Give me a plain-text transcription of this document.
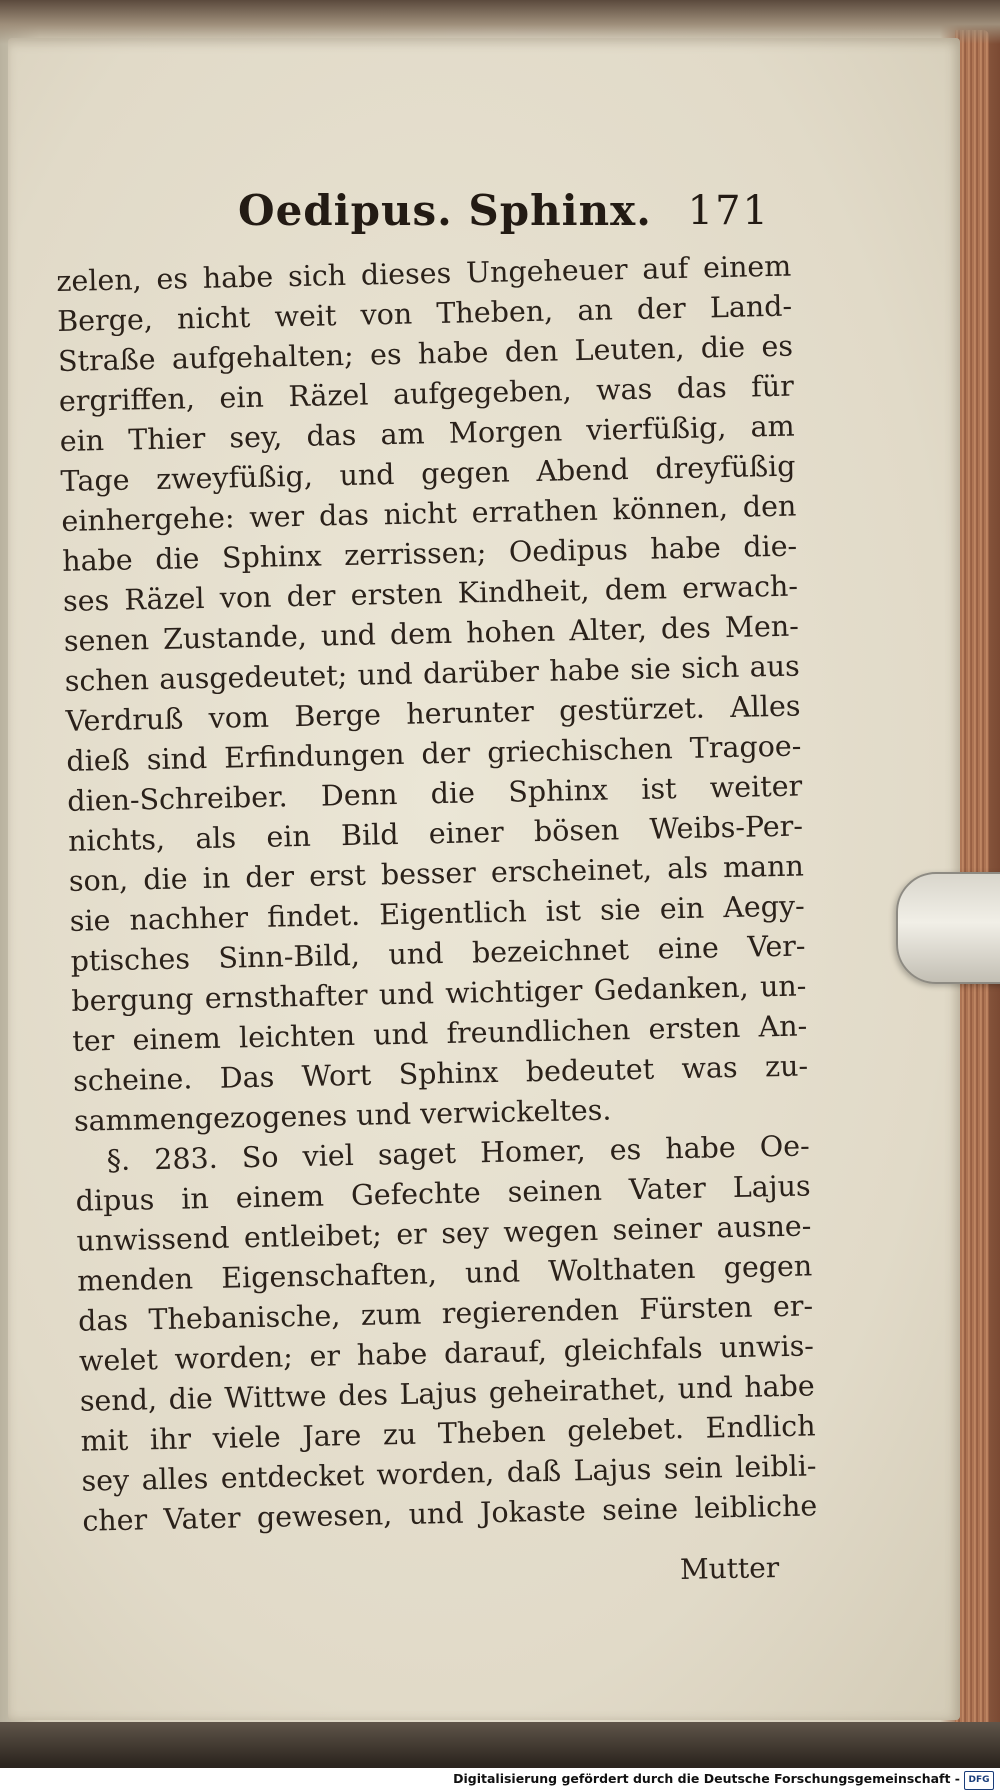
Oedipus. Sphinx. 171
zelen, es habe sich dieses Ungeheuer auf einem
Berge, nicht weit von Theben, an der Land-
Straße aufgehalten; es habe den Leuten, die es
ergriffen, ein Räzel aufgegeben, was das für
ein Thier sey, das am Morgen vierfüßig, am
Tage zweyfüßig, und gegen Abend dreyfüßig
einhergehe: wer das nicht errathen können, den
habe die Sphinx zerrissen; Oedipus habe die-
ses Räzel von der ersten Kindheit, dem erwach-
senen Zustande, und dem hohen Alter, des Men-
schen ausgedeutet; und darüber habe sie sich aus
Verdruß vom Berge herunter gestürzet. Alles
dieß sind Erfindungen der griechischen Tragoe-
dien-Schreiber. Denn die Sphinx ist weiter
nichts, als ein Bild einer bösen Weibs-Per-
son, die in der erst besser erscheinet, als mann
sie nachher findet. Eigentlich ist sie ein Aegy-
ptisches Sinn-Bild, und bezeichnet eine Ver-
bergung ernsthafter und wichtiger Gedanken, un-
ter einem leichten und freundlichen ersten An-
scheine. Das Wort Sphinx bedeutet was zu-
sammengezogenes und verwickeltes.
§. 283. So viel saget Homer, es habe Oe-
dipus in einem Gefechte seinen Vater Lajus
unwissend entleibet; er sey wegen seiner ausne-
menden Eigenschaften, und Wolthaten gegen
das Thebanische, zum regierenden Fürsten er-
welet worden; er habe darauf, gleichfals unwis-
send, die Wittwe des Lajus geheirathet, und habe
mit ihr viele Jare zu Theben gelebet. Endlich
sey alles entdecket worden, daß Lajus sein leibli-
cher Vater gewesen, und Jokaste seine leibliche
Mutter
Digitalisierung gefördert durch die Deutsche Forschungsgemeinschaft - DFG
